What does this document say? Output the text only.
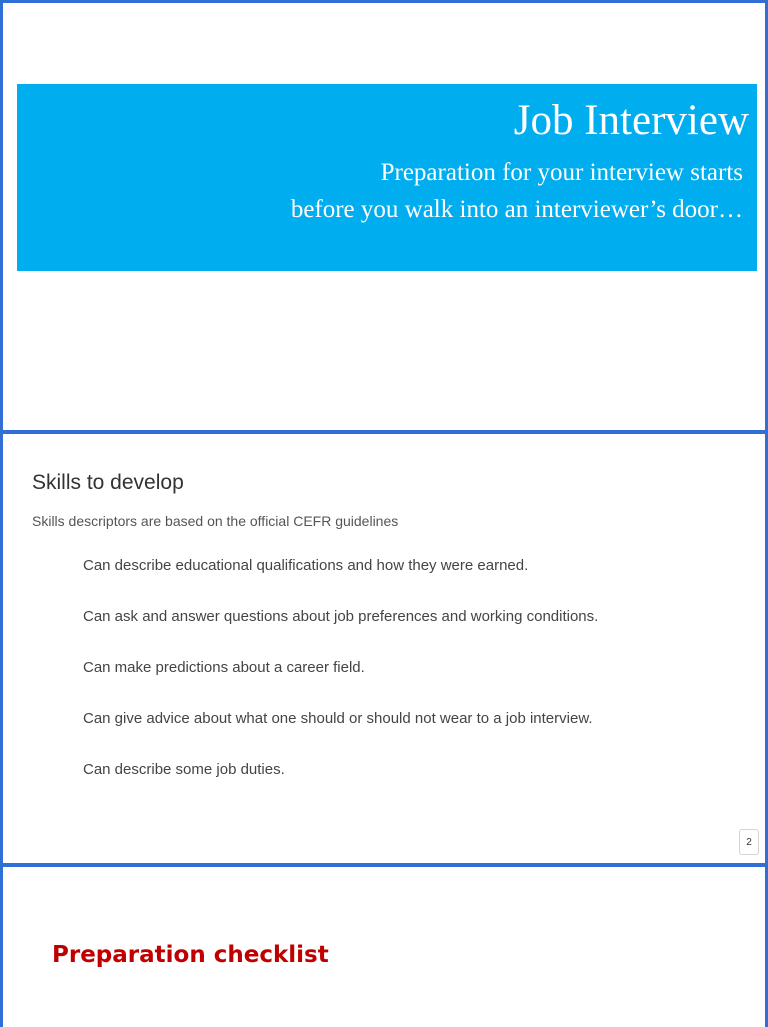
Job Interview
Preparation for your interview starts
before you walk into an interviewer’s door…
Skills to develop
Skills descriptors are based on the official CEFR guidelines
Can describe educational qualifications and how they were earned.
Can ask and answer questions about job preferences and working conditions.
Can make predictions about a career field.
Can give advice about what one should or should not wear to a job interview.
Can describe some job duties.
2
Preparation checklist
